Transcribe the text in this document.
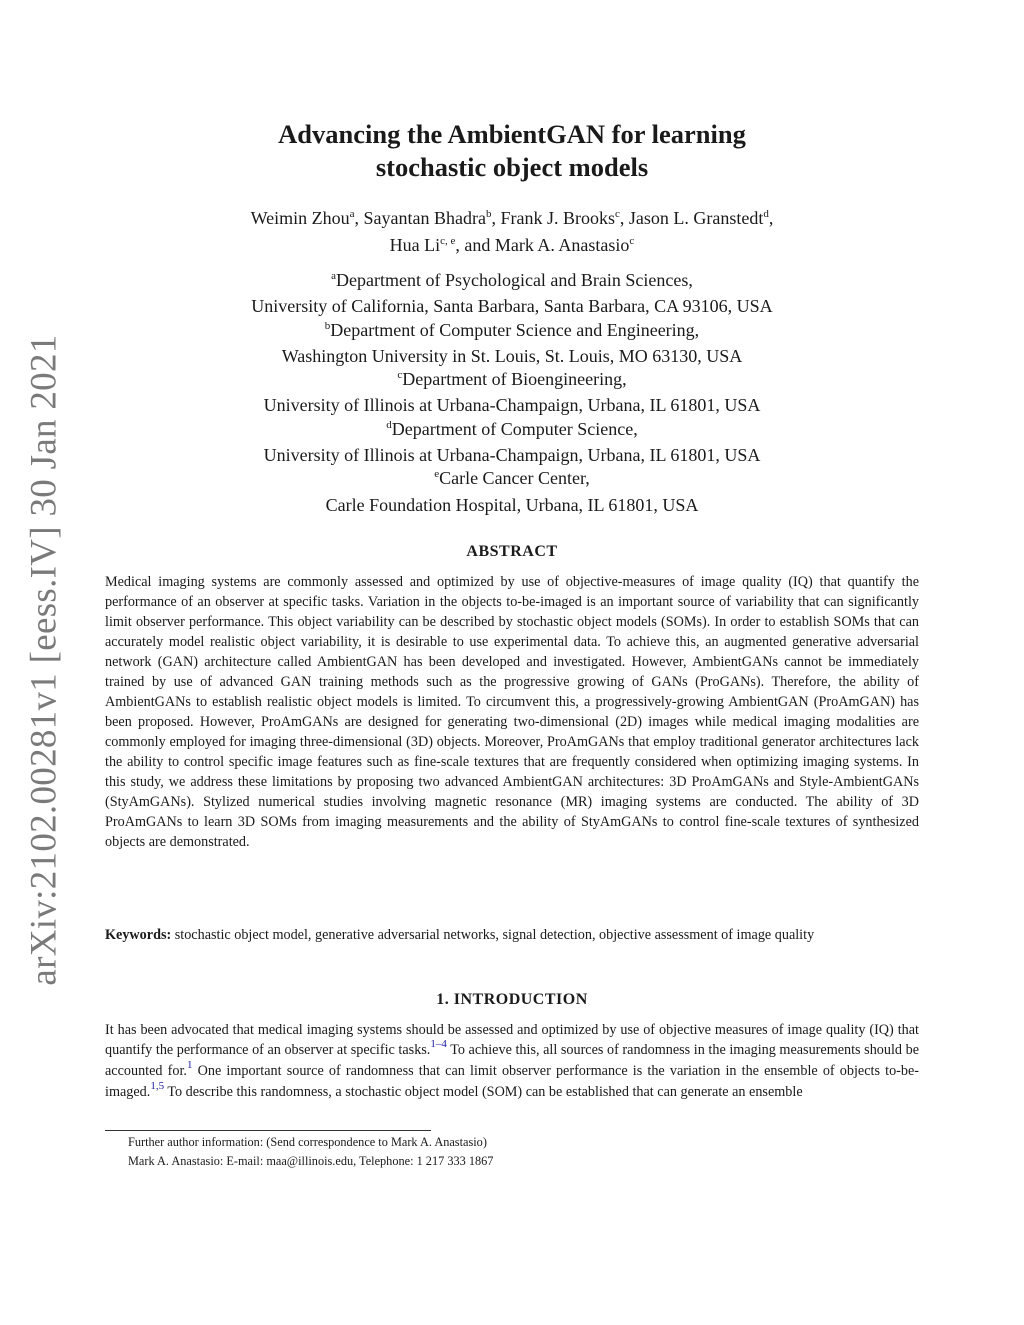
arXiv:2102.00281v1 [eess.IV] 30 Jan 2021
Advancing the AmbientGAN for learning
stochastic object models
Weimin Zhou$^a$, Sayantan Bhadra$^b$, Frank J. Brooks$^c$, Jason L. Granstedt$^d$,
Hua Li$^{c, e}$, and Mark A. Anastasio$^c$
$^a$Department of Psychological and Brain Sciences,
University of California, Santa Barbara, Santa Barbara, CA 93106, USA
$^b$Department of Computer Science and Engineering,
Washington University in St. Louis, St. Louis, MO 63130, USA
$^c$Department of Bioengineering,
University of Illinois at Urbana-Champaign, Urbana, IL 61801, USA
$^d$Department of Computer Science,
University of Illinois at Urbana-Champaign, Urbana, IL 61801, USA
$^e$Carle Cancer Center,
Carle Foundation Hospital, Urbana, IL 61801, USA
ABSTRACT

Medical imaging systems are commonly assessed and optimized by use of objective-measures of image quality (IQ) that quantify the performance of an observer at specific tasks. Variation in the objects to-be-imaged is an important source of variability that can significantly limit observer performance. This object variability can be described by stochastic object models (SOMs). In order to establish SOMs that can accurately model realistic object variability, it is desirable to use experimental data. To achieve this, an augmented generative adversarial network (GAN) architecture called AmbientGAN has been developed and investigated. However, AmbientGANs cannot be immediately trained by use of advanced GAN training methods such as the progressive growing of GANs (ProGANs). Therefore, the ability of AmbientGANs to establish realistic object models is limited. To circumvent this, a progressively-growing AmbientGAN (ProAmGAN) has been proposed. However, ProAmGANs are designed for generating two-dimensional (2D) images while medical imaging modalities are commonly employed for imaging three-dimensional (3D) objects. Moreover, ProAmGANs that employ traditional generator architectures lack the ability to control specific image features such as fine-scale textures that are frequently considered when optimizing imaging systems. In this study, we address these limitations by proposing two advanced AmbientGAN architectures: 3D ProAmGANs and Style-AmbientGANs (StyAmGANs). Stylized numerical studies involving magnetic resonance (MR) imaging systems are conducted. The ability of 3D ProAmGANs to learn 3D SOMs from imaging measurements and the ability of StyAmGANs to control fine-scale textures of synthesized objects are demonstrated.

Keywords: stochastic object model, generative adversarial networks, signal detection, objective assessment of image quality

1. INTRODUCTION

It has been advocated that medical imaging systems should be assessed and optimized by use of objective measures of image quality (IQ) that quantify the performance of an observer at specific tasks.$^{1-4}$ To achieve this, all sources of randomness in the imaging measurements should be accounted for.$^1$ One important source of randomness that can limit observer performance is the variation in the ensemble of objects to-be-imaged.$^{1,5}$ To describe this randomness, a stochastic object model (SOM) can be established that can generate an ensemble

Further author information: (Send correspondence to Mark A. Anastasio)
Mark A. Anastasio: E-mail: maa@illinois.edu, Telephone: 1 217 333 1867
